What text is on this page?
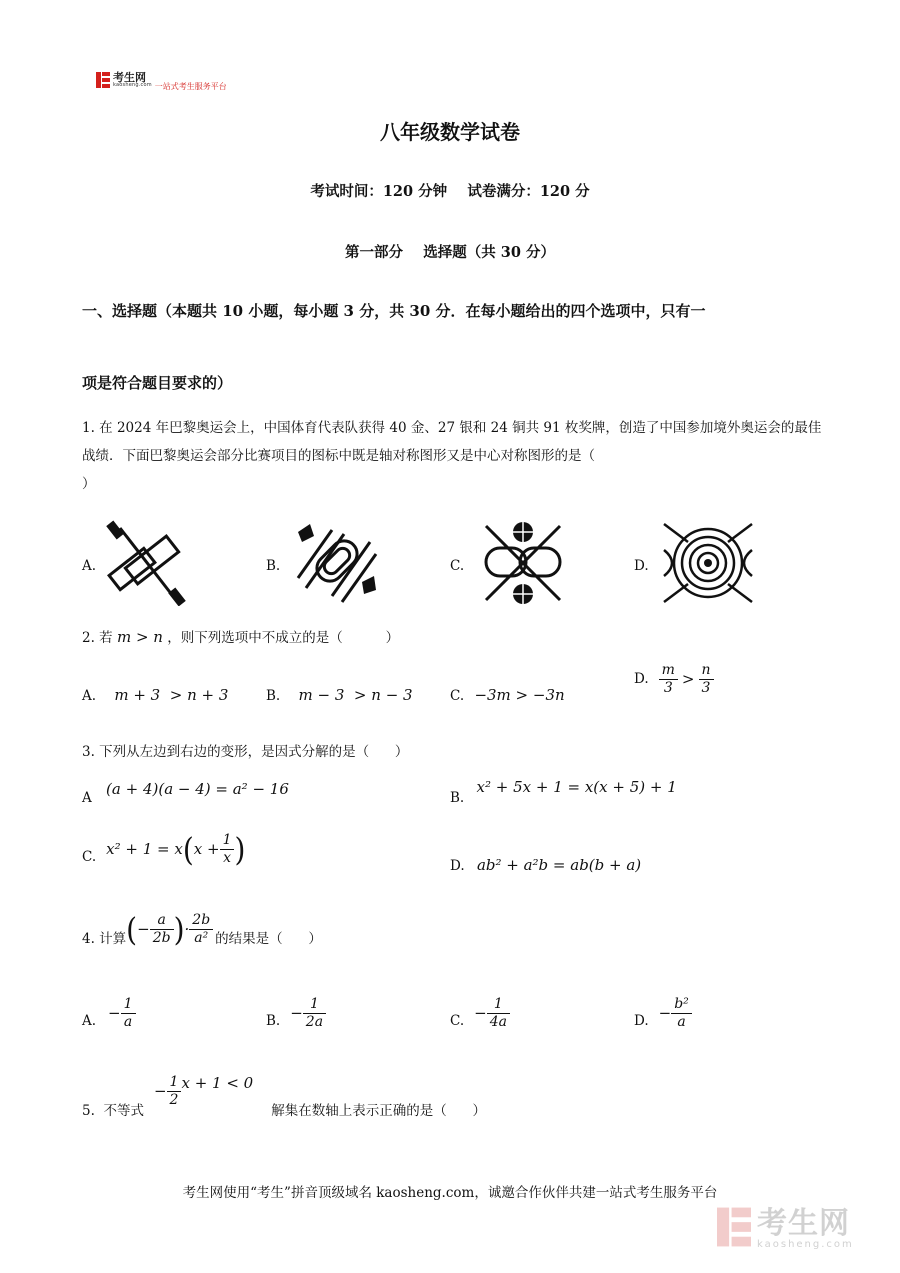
考生网
kaosheng.com 一站式考生服务平台
八年级数学试卷
考试时间：120 分钟    试卷满分：120 分
第一部分    选择题（共 30 分）
一、选择题（本题共 10 小题，每小题 3 分，共 30 分．在每小题给出的四个选项中，只有一
项是符合题目要求的）
1. 在 2024 年巴黎奥运会上，中国体育代表队获得 40 金、27 银和 24 铜共 91 枚奖牌，创造了中国参加境外奥运会的最佳战绩．下面巴黎奥运会部分比赛项目的图标中既是轴对称图形又是中心对称图形的是（
）
A.	B.	C.	D.
2. 若 m > n ，则下列选项中不成立的是（          ）
A. m + 3  > n + 3	B. m − 3  > n − 3	C. −3m > −3n
D. $\frac{m}{3} > \frac{n}{3}$
3. 下列从左边到右边的变形，是因式分解的是（      ）
A (a + 4)(a − 4) = a² − 16	B. x² + 5x + 1 = x(x + 5) + 1
C. x² + 1 = x ( $x + \frac{1}{x}$ )	D. ab² + a²b = ab(b + a)
4. 计算 ( − $\frac{a}{2b}$ ) · $\frac{2b}{\text{a²}}$ 的结果是（      ）
A. − $\frac{1}{a}$	B. − $\frac{1}{2a}$	C. − $\frac{1}{4a}$	D. − $\frac{\text{b²}}{a}$
5.  不等式
− $\frac{1}{2}$ x + 1 < 0
解集在数轴上表示正确的是（      ）
考生网使用“考生”拼音顶级域名 kaosheng.com，诚邀合作伙伴共建一站式考生服务平台
考生网
kaosheng.com
